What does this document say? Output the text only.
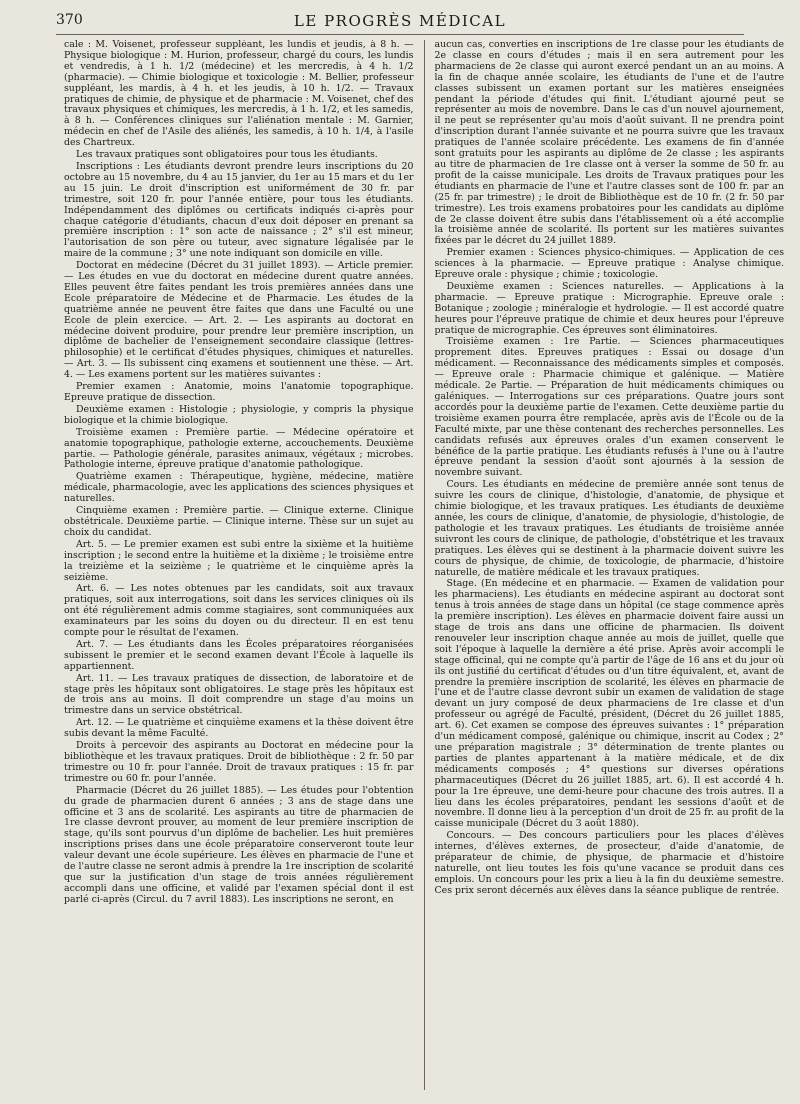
370	LE PROGRÈS MÉDICAL

cale : M. Voisenet, professeur suppléant, les lundis et jeudis, à 8 h. — Physique biologique : M. Hurion, professeur, chargé du cours, les lundis et vendredis, à 1 h. 1/2 (médecine) et les mercredis, à 4 h. 1/2 (pharmacie). — Chimie biologique et toxicologie : M. Bellier, professeur suppléant, les mardis, à 4 h. et les jeudis, à 10 h. 1/2. — Travaux pratiques de chimie, de physique et de pharmacie : M. Voisenet, chef des travaux physiques et chimiques, les mercredis, à 1 h. 1/2, et les samedis, à 8 h. — Conférences cliniques sur l'aliénation mentale : M. Garnier, médecin en chef de l'Asile des aliénés, les samedis, à 10 h. 1/4, à l'asile des Chartreux.

Les travaux pratiques sont obligatoires pour tous les étudiants.

Inscriptions : Les étudiants devront prendre leurs inscriptions du 20 octobre au 15 novembre, du 4 au 15 janvier, du 1er au 15 mars et du 1er au 15 juin. Le droit d'inscription est uniformément de 30 fr. par trimestre, soit 120 fr. pour l'année entière, pour tous les étudiants. Indépendamment des diplômes ou certificats indiqués ci-après pour chaque catégorie d'étudiants, chacun d'eux doit déposer en prenant sa première inscription : 1° son acte de naissance ; 2° s'il est mineur, l'autorisation de son père ou tuteur, avec signature légalisée par le maire de la commune ; 3° une note indiquant son domicile en ville.

Doctorat en médecine (Décret du 31 juillet 1893). — Article premier. — Les études en vue du doctorat en médecine durent quatre années. Elles peuvent être faites pendant les trois premières années dans une Ecole préparatoire de Médecine et de Pharmacie. Les études de la quatrième année ne peuvent être faites que dans une Faculté ou une Ecole de plein exercice. — Art. 2. — Les aspirants au doctorat en médecine doivent produire, pour prendre leur première inscription, un diplôme de bachelier de l'enseignement secondaire classique (lettres-philosophie) et le certificat d'études physiques, chimiques et naturelles. — Art. 3. — Ils subissent cinq examens et soutiennent une thèse. — Art. 4. — Les examens portent sur les matières suivantes :

Premier examen : Anatomie, moins l'anatomie topographique. Epreuve pratique de dissection.

Deuxième examen : Histologie ; physiologie, y compris la physique biologique et la chimie biologique.

Troisième examen : Première partie. — Médecine opératoire et anatomie topographique, pathologie externe, accouchements. Deuxième partie. — Pathologie générale, parasites animaux, végétaux ; microbes. Pathologie interne, épreuve pratique d'anatomie pathologique.

Quatrième examen : Thérapeutique, hygiène, médecine, matière médicale, pharmacologie, avec les applications des sciences physiques et naturelles.

Cinquième examen : Première partie. — Clinique externe. Clinique obstétricale. Deuxième partie. — Clinique interne. Thèse sur un sujet au choix du candidat.

Art. 5. — Le premier examen est subi entre la sixième et la huitième inscription ; le second entre la huitième et la dixième ; le troisième entre la treizième et la seizième ; le quatrième et le cinquième après la seizième.

Art. 6. — Les notes obtenues par les candidats, soit aux travaux pratiques, soit aux interrogations, soit dans les services cliniques où ils ont été régulièrement admis comme stagiaires, sont communiquées aux examinateurs par les soins du doyen ou du directeur. Il en est tenu compte pour le résultat de l'examen.

Art. 7. — Les étudiants dans les Écoles préparatoires réorganisées subissent le premier et le second examen devant l'École à laquelle ils appartiennent.

Art. 11. — Les travaux pratiques de dissection, de laboratoire et de stage près les hôpitaux sont obligatoires. Le stage près les hôpitaux est de trois ans au moins. Il doit comprendre un stage d'au moins un trimestre dans un service obstétrical.

Art. 12. — Le quatrième et cinquième examens et la thèse doivent être subis devant la même Faculté.

Droits à percevoir des aspirants au Doctorat en médecine pour la bibliothèque et les travaux pratiques. Droit de bibliothèque : 2 fr. 50 par trimestre ou 10 fr. pour l'année. Droit de travaux pratiques : 15 fr. par trimestre ou 60 fr. pour l'année.

Pharmacie (Décret du 26 juillet 1885). — Les études pour l'obtention du grade de pharmacien durent 6 années ; 3 ans de stage dans une officine et 3 ans de scolarité. Les aspirants au titre de pharmacien de 1re classe devront prouver, au moment de leur première inscription de stage, qu'ils sont pourvus d'un diplôme de bachelier. Les huit premières inscriptions prises dans une école préparatoire conserveront toute leur valeur devant une école supérieure. Les élèves en pharmacie de l'une et de l'autre classe ne seront admis à prendre la 1re inscription de scolarité que sur la justification d'un stage de trois années régulièrement accompli dans une officine, et validé par l'examen spécial dont il est parlé ci-après (Circul. du 7 avril 1883). Les inscriptions ne seront, en

aucun cas, converties en inscriptions de 1re classe pour les étudiants de 2e classe en cours d'études ; mais il en sera autrement pour les pharmaciens de 2e classe qui auront exercé pendant un an au moins. A la fin de chaque année scolaire, les étudiants de l'une et de l'autre classes subissent un examen portant sur les matières enseignées pendant la période d'études qui finit. L'étudiant ajourné peut se représenter au mois de novembre. Dans le cas d'un nouvel ajournement, il ne peut se représenter qu'au mois d'août suivant. Il ne prendra point d'inscription durant l'année suivante et ne pourra suivre que les travaux pratiques de l'année scolaire précédente. Les examens de fin d'année sont gratuits pour les aspirants au diplôme de 2e classe ; les aspirants au titre de pharmacien de 1re classe ont à verser la somme de 50 fr. au profit de la caisse municipale. Les droits de Travaux pratiques pour les étudiants en pharmacie de l'une et l'autre classes sont de 100 fr. par an (25 fr. par trimestre) ; le droit de Bibliothèque est de 10 fr. (2 fr. 50 par trimestre). Les trois examens probatoires pour les candidats au diplôme de 2e classe doivent être subis dans l'établissement où a été accomplie la troisième année de scolarité. Ils portent sur les matières suivantes fixées par le décret du 24 juillet 1889.

Premier examen : Sciences physico-chimiques. — Application de ces sciences à la pharmacie. — Epreuve pratique : Analyse chimique. Epreuve orale : physique ; chimie ; toxicologie.

Deuxième examen : Sciences naturelles. — Applications à la pharmacie. — Epreuve pratique : Micrographie. Epreuve orale : Botanique ; zoologie ; minéralogie et hydrologie. — Il est accordé quatre heures pour l'épreuve pratique de chimie et deux heures pour l'épreuve pratique de micrographie. Ces épreuves sont éliminatoires.

Troisième examen : 1re Partie. — Sciences pharmaceutiques proprement dites. Epreuves pratiques : Essai ou dosage d'un médicament. — Reconnaissance des médicaments simples et composés. — Epreuve orale : Pharmacie chimique et galénique. — Matière médicale. 2e Partie. — Préparation de huit médicaments chimiques ou galéniques. — Interrogations sur ces préparations. Quatre jours sont accordés pour la deuxième partie de l'examen. Cette deuxième partie du troisième examen pourra être remplacée, après avis de l'École ou de la Faculté mixte, par une thèse contenant des recherches personnelles. Les candidats refusés aux épreuves orales d'un examen conservent le bénéfice de la partie pratique. Les étudiants refusés à l'une ou à l'autre épreuve pendant la session d'août sont ajournés à la session de novembre suivant.

Cours. Les étudiants en médecine de première année sont tenus de suivre les cours de clinique, d'histologie, d'anatomie, de physique et chimie biologique, et les travaux pratiques. Les étudiants de deuxième année, les cours de clinique, d'anatomie, de physiologie, d'histologie, de pathologie et les travaux pratiques. Les étudiants de troisième année suivront les cours de clinique, de pathologie, d'obstétrique et les travaux pratiques. Les élèves qui se destinent à la pharmacie doivent suivre les cours de physique, de chimie, de toxicologie, de pharmacie, d'histoire naturelle, de matière médicale et les travaux pratiques.

Stage. (En médecine et en pharmacie. — Examen de validation pour les pharmaciens). Les étudiants en médecine aspirant au doctorat sont tenus à trois années de stage dans un hôpital (ce stage commence après la première inscription). Les élèves en pharmacie doivent faire aussi un stage de trois ans dans une officine de pharmacien. Ils doivent renouveler leur inscription chaque année au mois de juillet, quelle que soit l'époque à laquelle la dernière a été prise. Après avoir accompli le stage officinal, qui ne compte qu'à partir de l'âge de 16 ans et du jour où ils ont justifié du certificat d'études ou d'un titre équivalent, et, avant de prendre la première inscription de scolarité, les élèves en pharmacie de l'une et de l'autre classe devront subir un examen de validation de stage devant un jury composé de deux pharmaciens de 1re classe et d'un professeur ou agrégé de Faculté, président, (Décret du 26 juillet 1885, art. 6). Cet examen se compose des épreuves suivantes : 1° préparation d'un médicament composé, galénique ou chimique, inscrit au Codex ; 2° une préparation magistrale ; 3° détermination de trente plantes ou parties de plantes appartenant à la matière médicale, et de dix médicaments composés ; 4° questions sur diverses opérations pharmaceutiques (Décret du 26 juillet 1885, art. 6). Il est accordé 4 h. pour la 1re épreuve, une demi-heure pour chacune des trois autres. Il a lieu dans les écoles préparatoires, pendant les sessions d'août et de novembre. Il donne lieu à la perception d'un droit de 25 fr. au profit de la caisse municipale (Décret du 3 août 1880).

Concours. — Des concours particuliers pour les places d'élèves internes, d'élèves externes, de prosecteur, d'aide d'anatomie, de préparateur de chimie, de physique, de pharmacie et d'histoire naturelle, ont lieu toutes les fois qu'une vacance se produit dans ces emplois. Un concours pour les prix a lieu à la fin du deuxième semestre. Ces prix seront décernés aux élèves dans la séance publique de rentrée.
